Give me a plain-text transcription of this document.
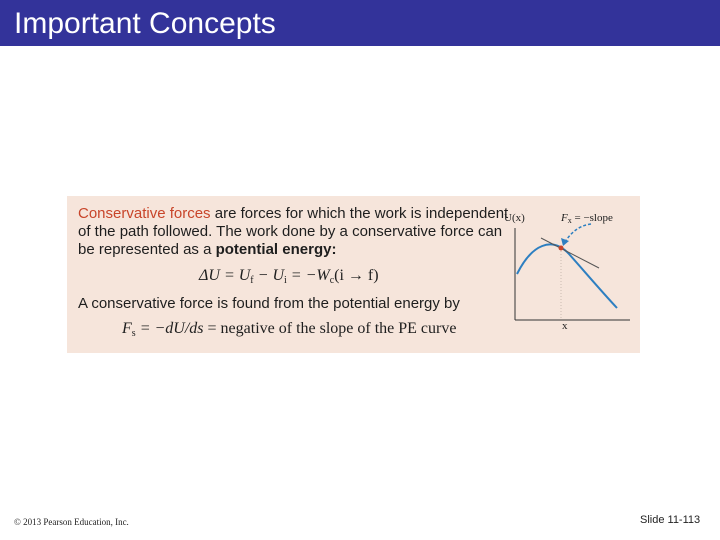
Important Concepts
Conservative forces are forces for which the work is independent
of the path followed. The work done by a conservative force can
be represented as a potential energy:
$\Delta U = U_f - U_i = -W_c(i \to f)$
A conservative force is found from the potential energy by
$F_s = -dU/ds$ = negative of the slope of the PE curve
U(x)
x
Fx = −slope
© 2013 Pearson Education, Inc.	Slide 11-113
